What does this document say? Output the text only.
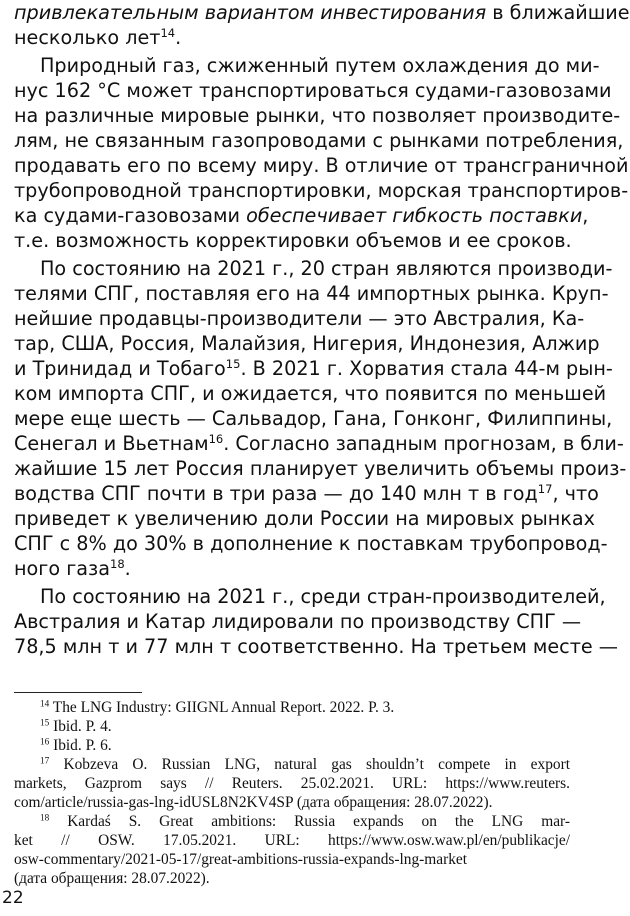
привлекательным вариантом инвестирования в ближайшие
несколько лет$^{14}$.
Природный газ, сжиженный путем охлаждения до ми-
нус 162 °С может транспортироваться судами-газовозами
на различные мировые рынки, что позволяет производите-
лям, не связанным газопроводами с рынками потребления,
продавать его по всему миру. В отличие от трансграничной
трубопроводной транспортировки, морская транспортиров-
ка судами-газовозами обеспечивает гибкость поставки,
т.е. возможность корректировки объемов и ее сроков.
По состоянию на 2021 г., 20 стран являются производи-
телями СПГ, поставляя его на 44 импортных рынка. Круп-
нейшие продавцы-производители — это Австралия, Ка-
тар, США, Россия, Малайзия, Нигерия, Индонезия, Алжир
и Тринидад и Тобаго$^{15}$. В 2021 г. Хорватия стала 44-м рын-
ком импорта СПГ, и ожидается, что появится по меньшей
мере еще шесть — Сальвадор, Гана, Гонконг, Филиппины,
Сенегал и Вьетнам$^{16}$. Согласно западным прогнозам, в бли-
жайшие 15 лет Россия планирует увеличить объемы произ-
водства СПГ почти в три раза — до 140 млн т в год$^{17}$, что
приведет к увеличению доли России на мировых рынках
СПГ с 8% до 30% в дополнение к поставкам трубопровод-
ного газа$^{18}$.
По состоянию на 2021 г., среди стран-производителей,
Австралия и Катар лидировали по производству СПГ —
78,5 млн т и 77 млн т соответственно. На третьем месте —
$^{14}$ The LNG Industry: GIIGNL Annual Report. 2022. P. 3.
$^{15}$ Ibid. P. 4.
$^{16}$ Ibid. P. 6.
$^{17}$ Kobzeva O. Russian LNG, natural gas shouldn’t compete in export
markets, Gazprom says // Reuters. 25.02.2021. URL: https://www.reuters.
com/article/russia-gas-lng-idUSL8N2KV4SP (дата обращения: 28.07.2022).
$^{18}$ Kardaś S. Great ambitions: Russia expands on the LNG mar-
ket // OSW. 17.05.2021. URL: https://www.osw.waw.pl/en/publikacje/
osw-commentary/2021-05-17/great-ambitions-russia-expands-lng-market
(дата обращения: 28.07.2022).
22
